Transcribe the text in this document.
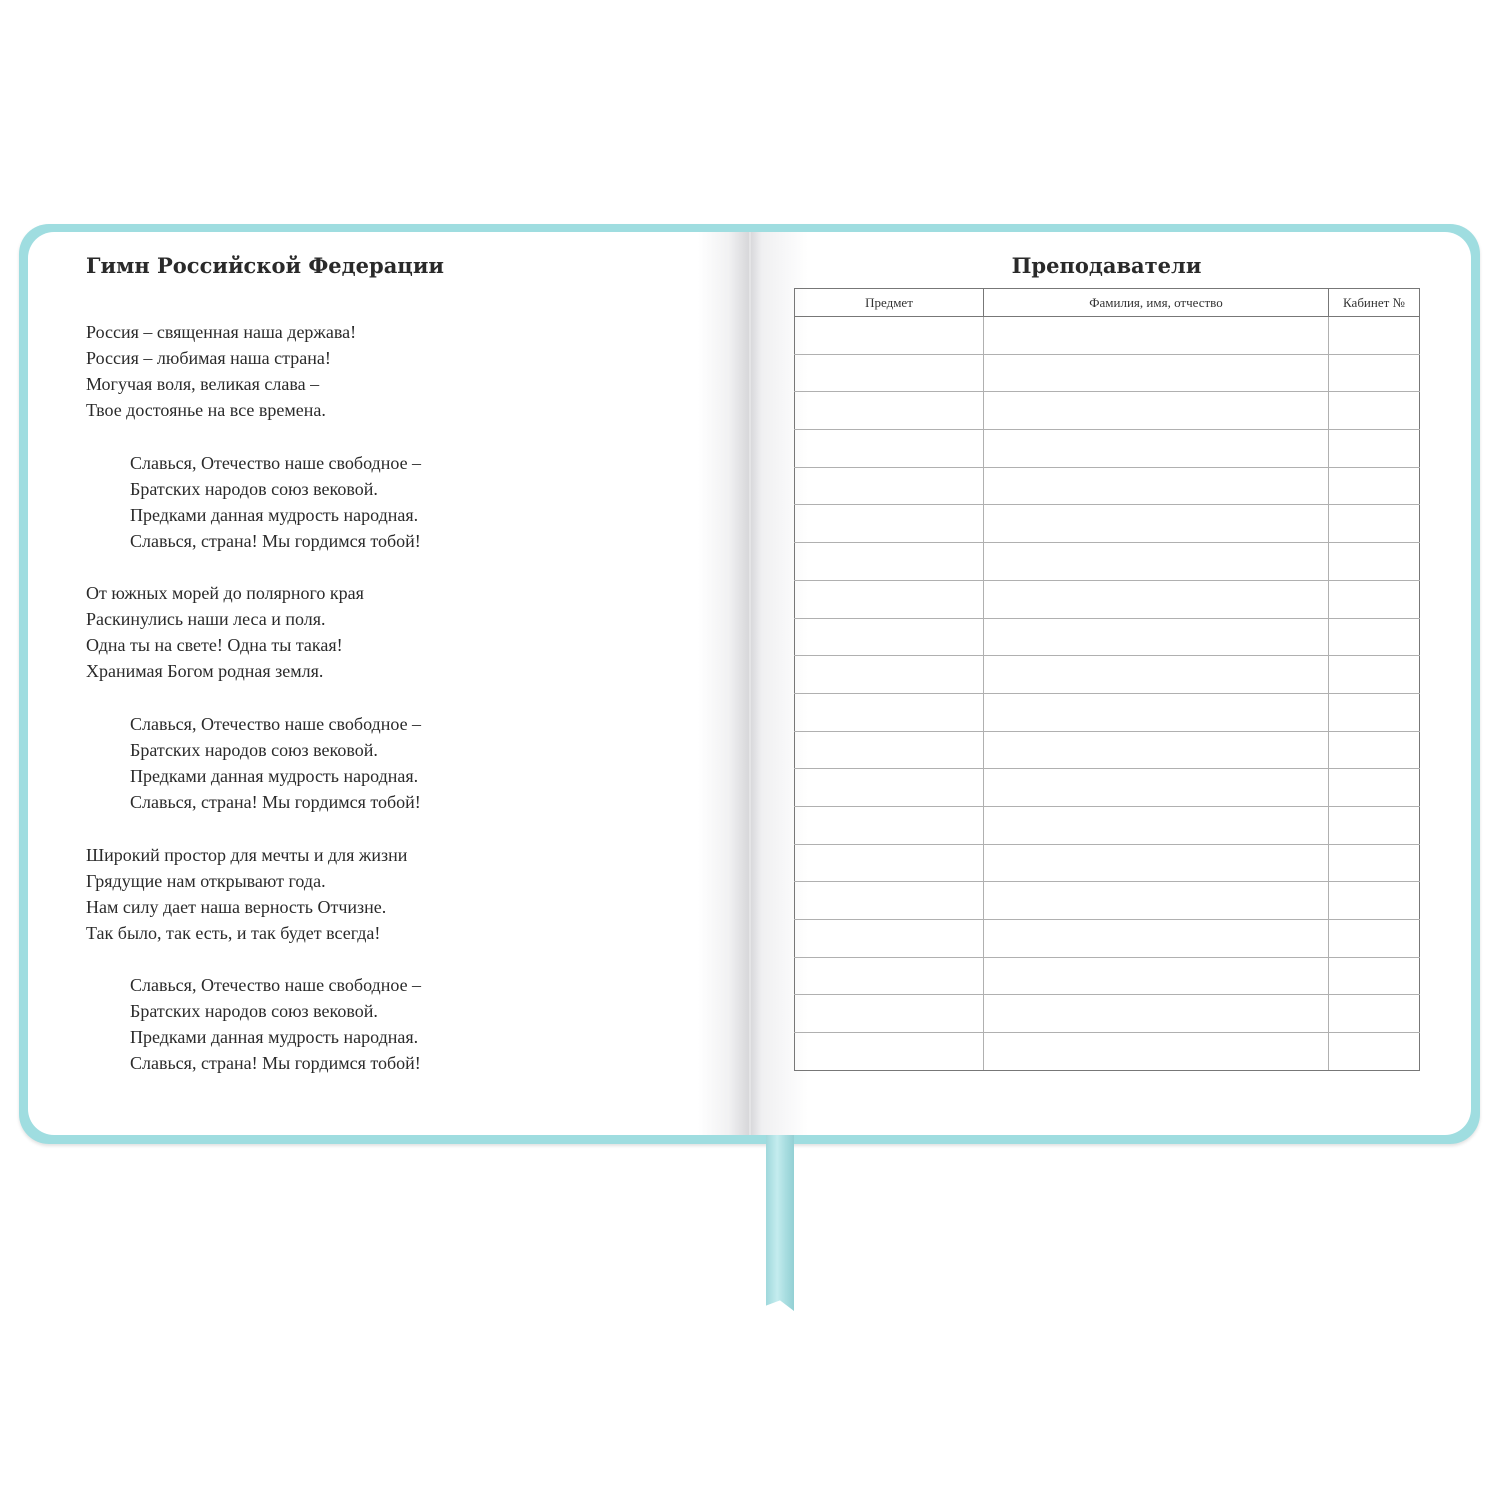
Гимн Российской Федерации

Россия – священная наша держава!
Россия – любимая наша страна!
Могучая воля, великая слава –
Твое достоянье на все времена.

Славься, Отечество наше свободное –
Братских народов союз вековой.
Предками данная мудрость народная.
Славься, страна! Мы гордимся тобой!

От южных морей до полярного края
Раскинулись наши леса и поля.
Одна ты на свете! Одна ты такая!
Хранимая Богом родная земля.

Славься, Отечество наше свободное –
Братских народов союз вековой.
Предками данная мудрость народная.
Славься, страна! Мы гордимся тобой!

Широкий простор для мечты и для жизни
Грядущие нам открывают года.
Нам силу дает наша верность Отчизне.
Так было, так есть, и так будет всегда!

Славься, Отечество наше свободное –
Братских народов союз вековой.
Предками данная мудрость народная.
Славься, страна! Мы гордимся тобой!

Преподаватели
Предмет	Фамилия, имя, отчество	Кабинет №
